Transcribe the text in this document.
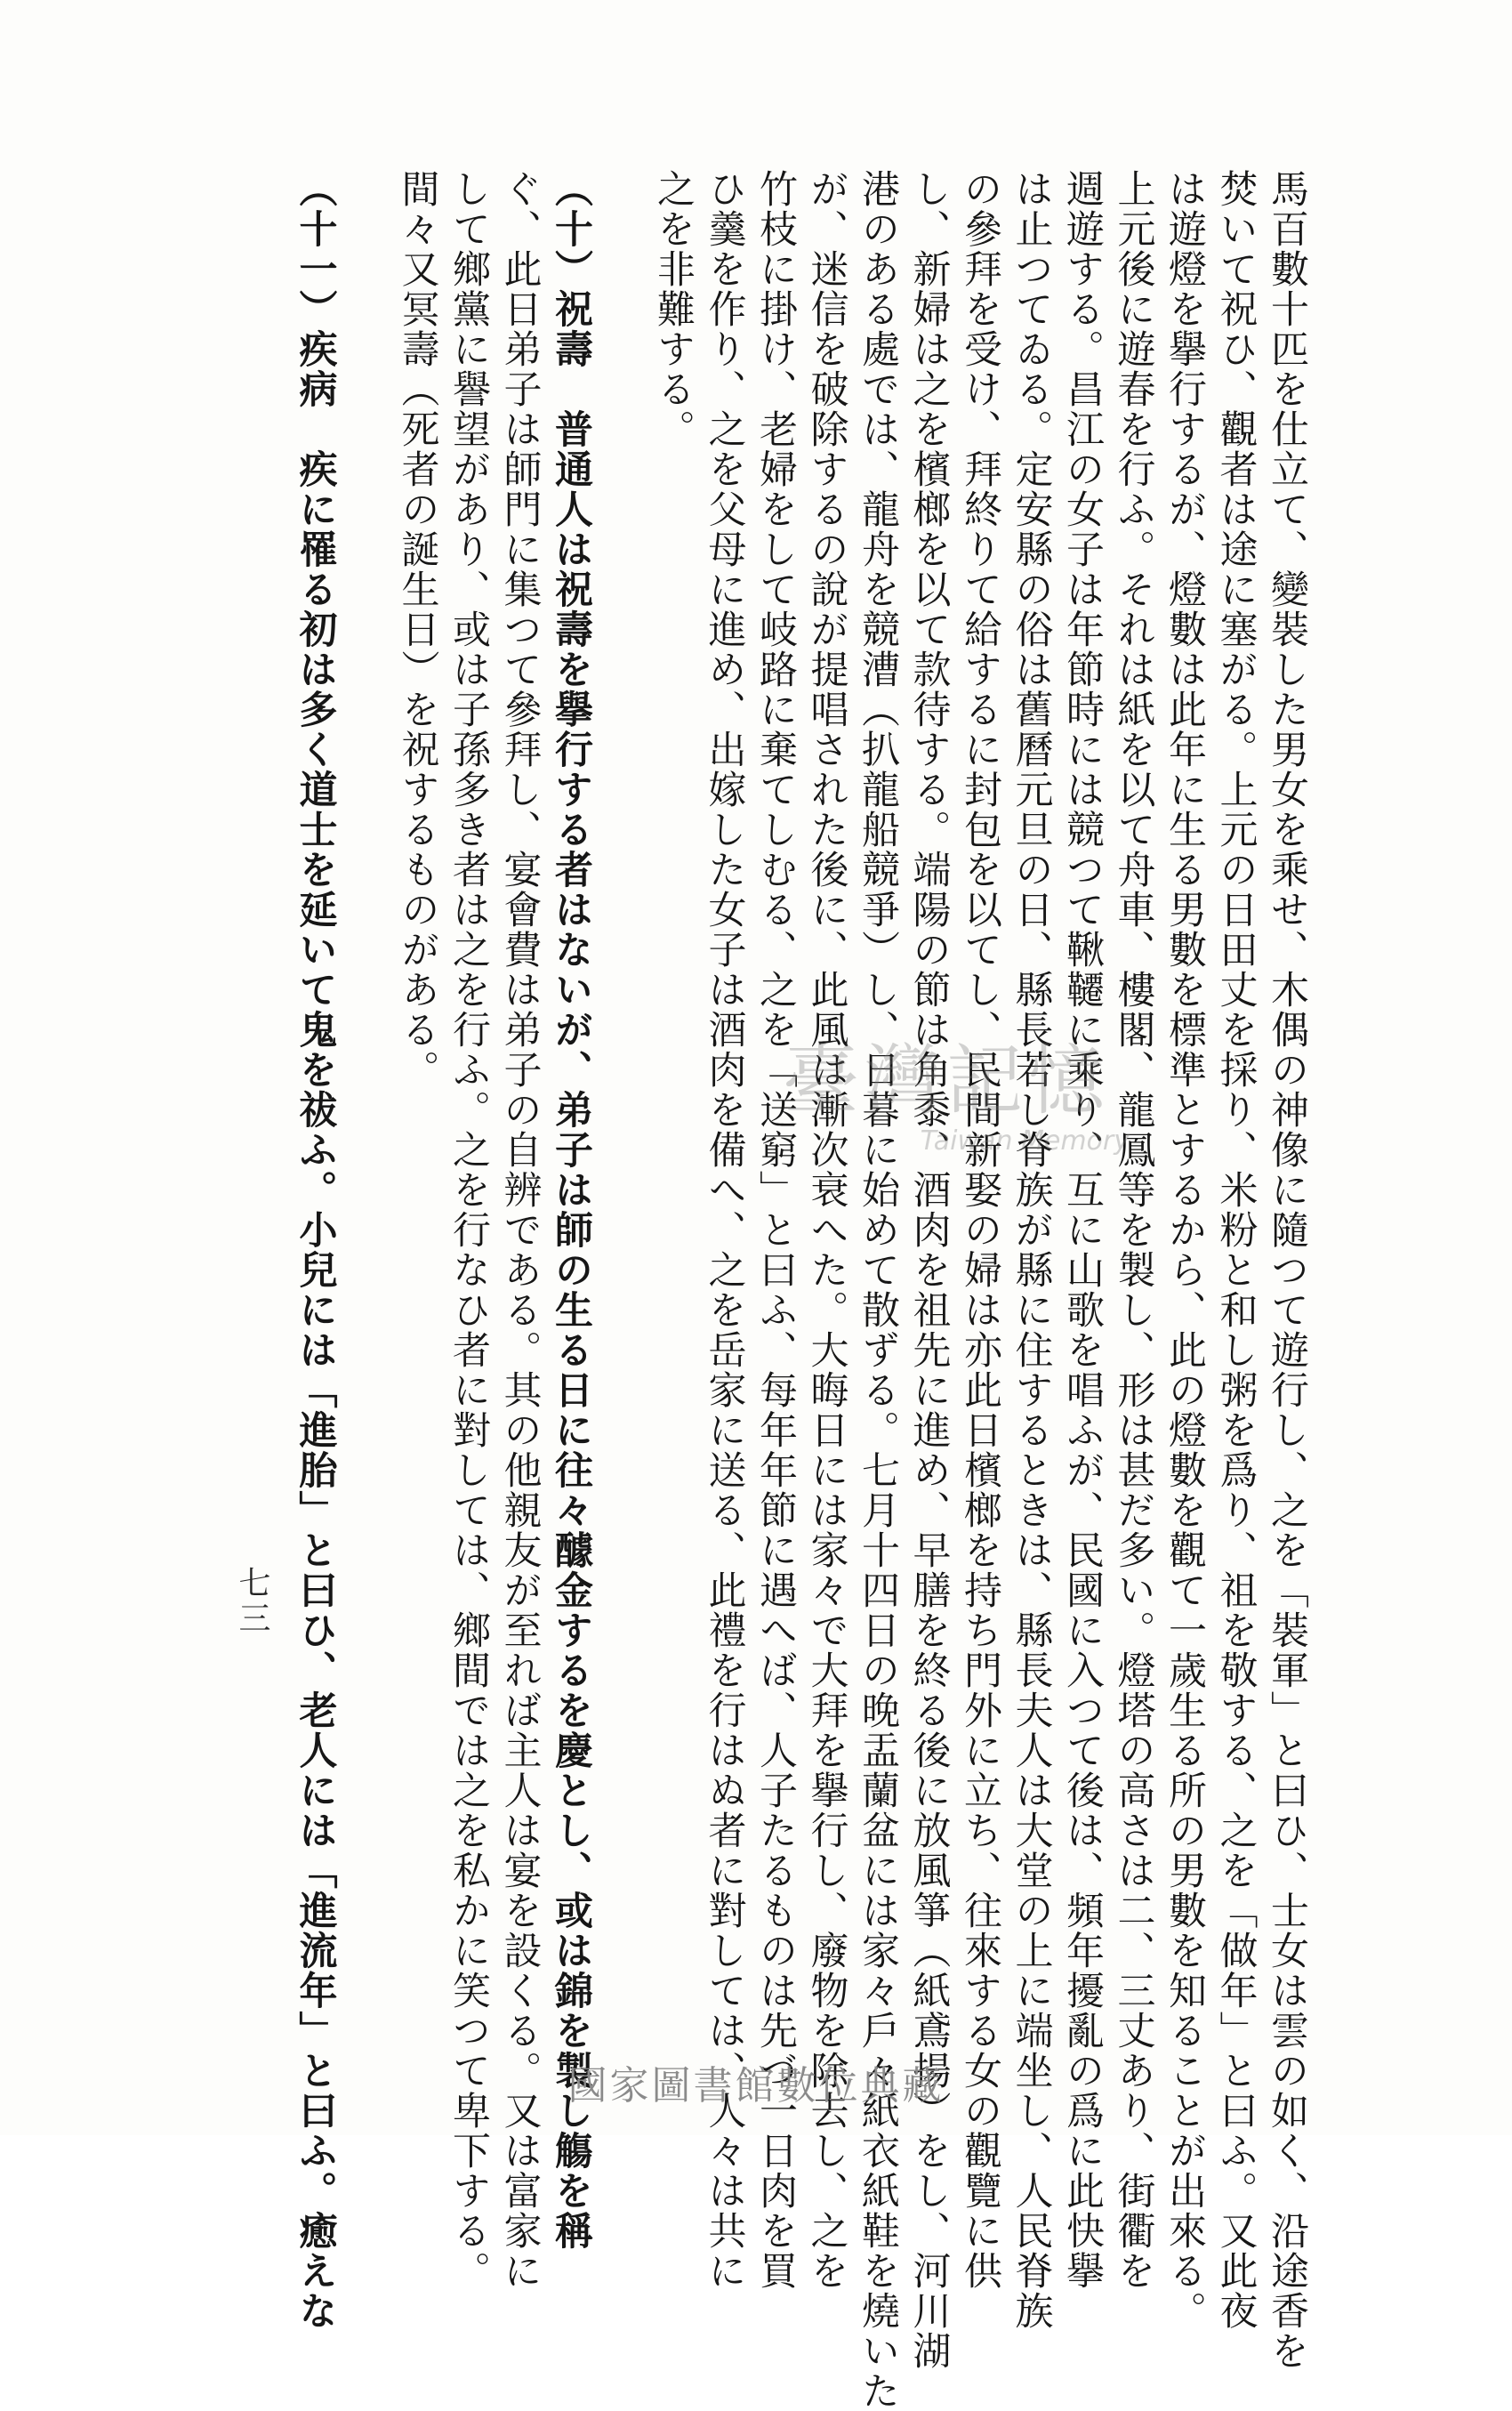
馬百數十匹を仕立て、變裝した男女を乘せ、木偶の神像に隨つて遊行し、之を「裝軍」と曰ひ、士女は雲の如く、沿途香を
焚いて祝ひ、觀者は途に塞がる。上元の日田丈を採り、米粉と和し粥を爲り、祖を敬する、之を「做年」と曰ふ。又此夜
は遊燈を擧行するが、燈數は此年に生る男數を標準とするから、此の燈數を觀て一歲生る所の男數を知ることが出來る。
上元後に遊春を行ふ。それは紙を以て舟車、樓閣、龍鳳等を製し、形は甚だ多い。燈塔の高さは二、三丈あり、街衢を
週遊する。昌江の女子は年節時には競つて鞦韆に乘り、互に山歌を唱ふが、民國に入つて後は、頻年擾亂の爲に此快擧
は止つてゐる。定安縣の俗は舊曆元旦の日、縣長若し脊族が縣に住するときは、縣長夫人は大堂の上に端坐し、人民脊族
の參拜を受け、拜終りて給するに封包を以てし、民間新娶の婦は亦此日檳榔を持ち門外に立ち、往來する女の觀覽に供
し、新婦は之を檳榔を以て款待する。端陽の節は角黍、酒肉を祖先に進め、早膳を終る後に放風箏（紙鳶揚）をし、河川湖
港のある處では、龍舟を競漕（扒龍船競爭）し、日暮に始めて散ずる。七月十四日の晚盂蘭盆には家々戶々紙衣紙鞋を燒いた
が、迷信を破除するの說が提唱された後に、此風は漸次衰へた。大晦日には家々で大拜を擧行し、廢物を除去し、之を
竹枝に掛け、老婦をして岐路に棄てしむる、之を「送窮」と曰ふ、每年年節に遇へば、人子たるものは先づ一日肉を買
ひ羹を作り、之を父母に進め、出嫁した女子は酒肉を備へ、之を岳家に送る、此禮を行はぬ者に對しては、人々は共に
之を非難する。
（十）祝壽　普通人は祝壽を擧行する者はないが、弟子は師の生る日に往々醵金するを慶とし、或は錦を製し觴を稱
ぐ、此日弟子は師門に集つて參拜し、宴會費は弟子の自辨である。其の他親友が至れば主人は宴を設くる。又は富家に
して鄉黨に譽望があり、或は子孫多き者は之を行ふ。之を行なひ者に對しては、鄉間では之を私かに笑つて卑下する。
間々又冥壽（死者の誕生日）を祝するものがある。
（十一）疾病　疾に罹る初は多く道士を延いて鬼を祓ふ。小兒には「進胎」と曰ひ、老人には「進流年」と曰ふ。癒えな
七三
臺灣記憶
Taiwan Memory
國家圖書館數位典藏
